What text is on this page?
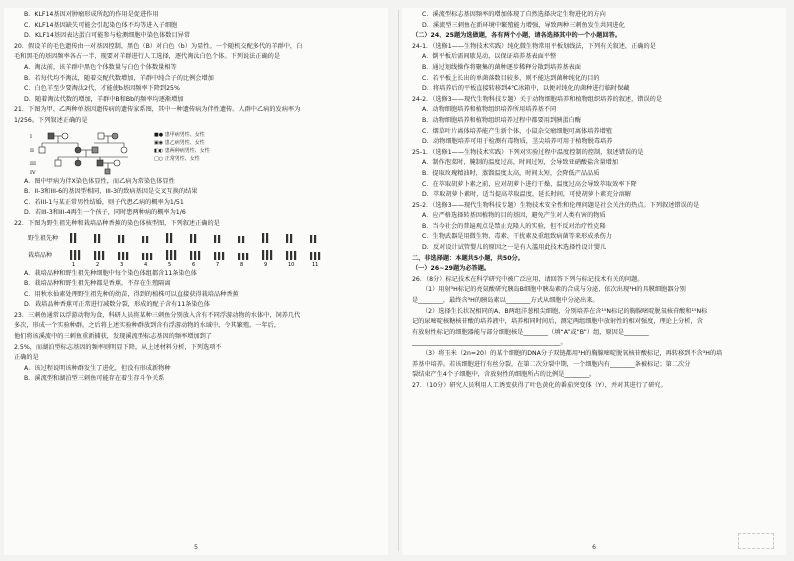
B．KLF14基因对肿瘤形成所起的作用是促进作用
C．KLF14基因缺失可能会引起染色体不均等进入子细胞
D．KLF14基因表达蛋白可能参与检测细胞中染色体数目异常
20．假设羊的毛色遗传由一对基因控制，黑色（B）对白色（b）为显性。一个随机交配多代的羊群中，白
毛和黑毛的基因频率各占一半，现要对羊群进行人工选择，逐代淘汰白色个体。下列说法正确的是
A．淘汰前，该羊群中黑色个体数量与白色个体数量相等
B．若每代均不淘汰，随着交配代数增加，羊群中纯合子的比例会增加
C．白色羊至少要淘汰2代，才能使b基因频率下降到25%
D．随着淘汰代数的增加，羊群中B和Bb的频率均逐渐增加
21．下图为甲、乙两种单基因遗传病的遗传家系图，其中一种遗传病为伴性遗传。人群中乙病的发病率为
1/256。下列叙述正确的是
I
II
III
IV
■● 患甲病男性、女性
▣◉ 患乙病男性、女性
◧◐ 患两种病男性、女性
□○ 正常男性、女性
A．图中甲病为伴X染色体显性，而乙病为常染色体显性
B．II-3和III-6的基因型相同，III-3的致病基因是交叉互换的结果
C．若III-1与某正常男性结婚，则子代患乙病的概率为1/51
D．若III-3和III-4再生一个孩子，同时患两种病的概率为1/6
22．下图为野生祖先种和栽培品种香蕉的染色体核型图，下列叙述正确的是
野生祖先种
栽培品种
1	2	3	4	5	6	7	8	9	10	11
A．栽培品种和野生祖先种细胞中每个染色体组都含11条染色体
B．栽培品种和野生祖先种都是香蕉，不存在生殖隔离
C．用秋水仙素处理野生祖先种的幼苗，得到的植株可以直接获得栽培品种香蕉
D．栽培品种香蕉可正常进行减数分裂，形成的配子含有11条染色体
23．三刺鱼通常以浮游动物为食，科研人员将某种三刺鱼分别放入含有不同浮游动物的水体中，饲养几代
多次，形成一个实验种群。之后将上述实验种群放到含有浮游动物的水域中，令其繁殖。一年后，
他们将该溪流中的三刺鱼重新捕获，发现溪流型标志基因的频率增加到了
2.5%，而湖泊型标志基因的频率则明显下降。从上述材料分析，下列选项不
正确的是
A．该过程说明该种群发生了进化，但没有形成新物种
B．溪流型和湖泊型三刺鱼可能存在着生存斗争关系
5
C．溪流型标志基因频率的增加体现了自然选择决定生物进化的方向
D．溪流型三刺鱼在新环境中繁殖能力增强，导致两种三刺鱼发生共同进化
（二）24、25题为选做题，各有两个小题，请各选择其中的一个小题回答。
24-1．（选修1——生物技术实践）纯化微生物常用平板划线法，下列有关叙述，正确的是
A．倒平板后需间歇晃动，以保证培养基表面平整
B．通过划线操作将聚集的菌种逐步稀释分散到培养基表面
C．若平板上长出的单菌落数目较多，则不能达到菌种纯化的目的
D．将培养后的平板直接转移到4℃冰箱中，以便对纯化的菌种进行临时保藏
24-2．（选修3——现代生物科技专题）关于动物细胞培养和植物组织培养的叙述，错误的是
A．动物细胞培养和植物组织培养所用培养基不同
B．动物细胞培养和植物组织培养过程中都要用到胰蛋白酶
C．烟草叶片离体培养能产生新个体，小鼠杂交瘤细胞可离体培养增殖
D．动物细胞培养可用于检测有毒物质，茎尖培养可用于植物脱毒培养
25-1．（选修1——生物技术实践）下列对实验过程中温度控制的控制，叙述错误的是
A．制作泡菜时，腌制的温度过高，时间过短，会导致亚硝酸盐含量增加
B．提取玫瑰精油时，蒸馏温度太高，时间太短，会降低产品品质
C．在萃取胡萝卜素之前，应对胡萝卜进行干燥，温度过高会导致萃取效率下降
D．萃取胡萝卜素时，适当提高萃取温度，延长时间，可使胡萝卜素充分溶解
25-2．（选修3——现代生物科技专题）生物技术安全性和伦理问题是社会关注的热点。下列叙述错误的是
A．应严格选择转基因植物的目的基因，避免产生对人类有害的物质
B．当今社会的普遍观点是禁止克隆人的实验，但不反对治疗性克隆
C．生物武器是用微生物、毒素、干扰素及重组致病菌等来形成杀伤力
D．反对设计试管婴儿的原因之一是有人滥用此技术选择性设计婴儿
二、非选择题：本题共5小题，共50分。
（一）26~29题为必答题。
26．（8分）标记技术在科学研究中被广泛应用，请回答下列与标记技术有关的问题。
（1）用射³H标记的亮氨酸研究胰岛B细胞中胰岛素的合成与分泌，依次出现³H的具膜细胞器分别
是________，最终含³H的胰岛素以________方式从细胞中分泌出来。
（2）选择生长状况相同的A、B两组洋葱根尖细胞，分别培养在含¹⁵N标记的胸腺嘧啶脱氧核苷酸和¹⁵N标
记的尿嘧啶核糖核苷酸的培养液中，培养相同时间后，测定两组细胞中放射性的相对强度，理论上分析，含
有放射性标记的细胞器能与部分细胞核是________（填“A”或“B”）组，原因是________
________________________________________________。
（3）将玉米（2n=20）的某个细胞的DNA分子双链都用³H的胸腺嘧啶脱氧核苷酸标记，再转移到不含³H的培
养基中培养。若该细胞进行有丝分裂，在第二次分裂中期，一个细胞内有________条被标记；第二次分
裂结束产生4个子细胞中，含放射性的细胞所占的比例是________。
27．（10分）研究人员利用人工诱变获得了叶色黄化的番茄突变体（Y），并对其进行了研究。
6
